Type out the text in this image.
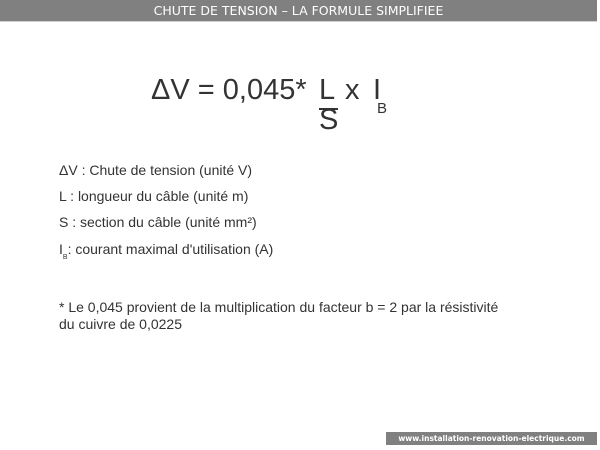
CHUTE DE TENSION – LA FORMULE SIMPLIFIEE
ΔV = 0,045* L
S
x I
B
ΔV : Chute de tension (unité V)
L : longueur du câble (unité m)
S : section du câble (unité mm²)
$I_B$: courant maximal d'utilisation (A)
* Le 0,045 provient de la multiplication du facteur b = 2 par la résistivité
du cuivre de 0,0225
www.installation-renovation-electrique.com
